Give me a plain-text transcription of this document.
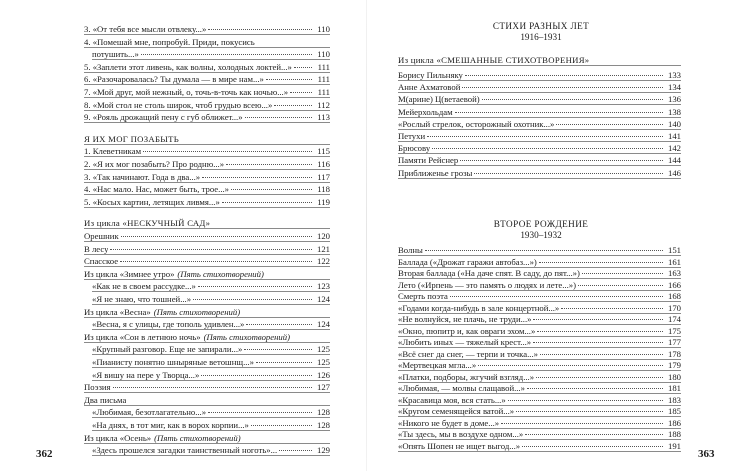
3. «От тебя все мысли отвлеку...»	110
4. «Помешай мне, попробуй. Приди, покусись
потушить...»	110
5. «Заплети этот ливень, как волны, холодных локтей...»	111
6. «Разочаровалась? Ты думала — в мире нам...»	111
7. «Мой друг, мой нежный, о, точь-в-точь как ночью...»	111
8. «Мой стол не столь широк, чтоб грудью всею...»	112
9. «Рояль дрожащий пену с губ оближет...»	113
Я ИХ МОГ ПОЗАБЫТЬ
1. Клеветникам	115
2. «Я их мог позабыть? Про родню...»	116
3. «Так начинают. Года в два...»	117
4. «Нас мало. Нас, может быть, трое...»	118
5. «Косых картин, летящих ливмя...»	119
Из цикла «НЕСКУЧНЫЙ САД»
Орешник	120
В лесу	121
Спасское	122
Из цикла «Зимнее утро» (Пять стихотворений)
«Как не в своем рассудке...»	123
«Я не знаю, что тошней...»	124
Из цикла «Весна» (Пять стихотворений)
«Весна, я с улицы, где тополь удивлен...»	124
Из цикла «Сон в летнюю ночь» (Пять стихотворений)
«Крупный разговор. Еще не запирали...»	125
«Пианисту понятно шныряные ветошнщ...»	125
«Я вишу на пере у Творца...»	126
Поэзия	127
Два письма
«Любимая, безотлагательно...»	128
«На днях, в тот миг, как в ворох корпии...»	128
Из цикла «Осень» (Пять стихотворений)
«Здесь прошелся загадки таинственный ноготь»...	129
362
СТИХИ РАЗНЫХ ЛЕТ
1916–1931
Из цикла «СМЕШАННЫЕ СТИХОТВОРЕНИЯ»
Борису Пильняку	133
Анне Ахматовой	134
М(арине) Ц(ветаевой)	136
Мейерхольдам	138
«Рослый стрелок, осторожный охотник...»	140
Петухи	141
Брюсову	142
Памяти Рейснер	144
Приближенье грозы	146
ВТОРОЕ РОЖДЕНИЕ
1930–1932
Волны	151
Баллада («Дрожат гаражи автобаз...»)	161
Вторая баллада («На даче спят. В саду, до пят...»)	163
Лето («Ирпень — это память о людях и лете...»)	166
Смерть поэта	168
«Годами когда-нибудь в зале концертной...»	170
«Не волнуйся, не плачь, не труди...»	174
«Окно, пюпитр и, как овраги эхом...»	175
«Любить иных — тяжелый крест...»	177
«Всё снег да снег, — терпи и точка...»	178
«Мертвецкая мгла...»	179
«Платки, подборы, жгучий взгляд...»	180
«Любимая, — молвы слащавой...»	181
«Красавица моя, вся стать...»	183
«Кругом семенящейся ватой...»	185
«Никого не будет в доме...»	186
«Ты здесь, мы в воздухе одном...»	188
«Опять Шопен не ищет выгод...»	191
363
